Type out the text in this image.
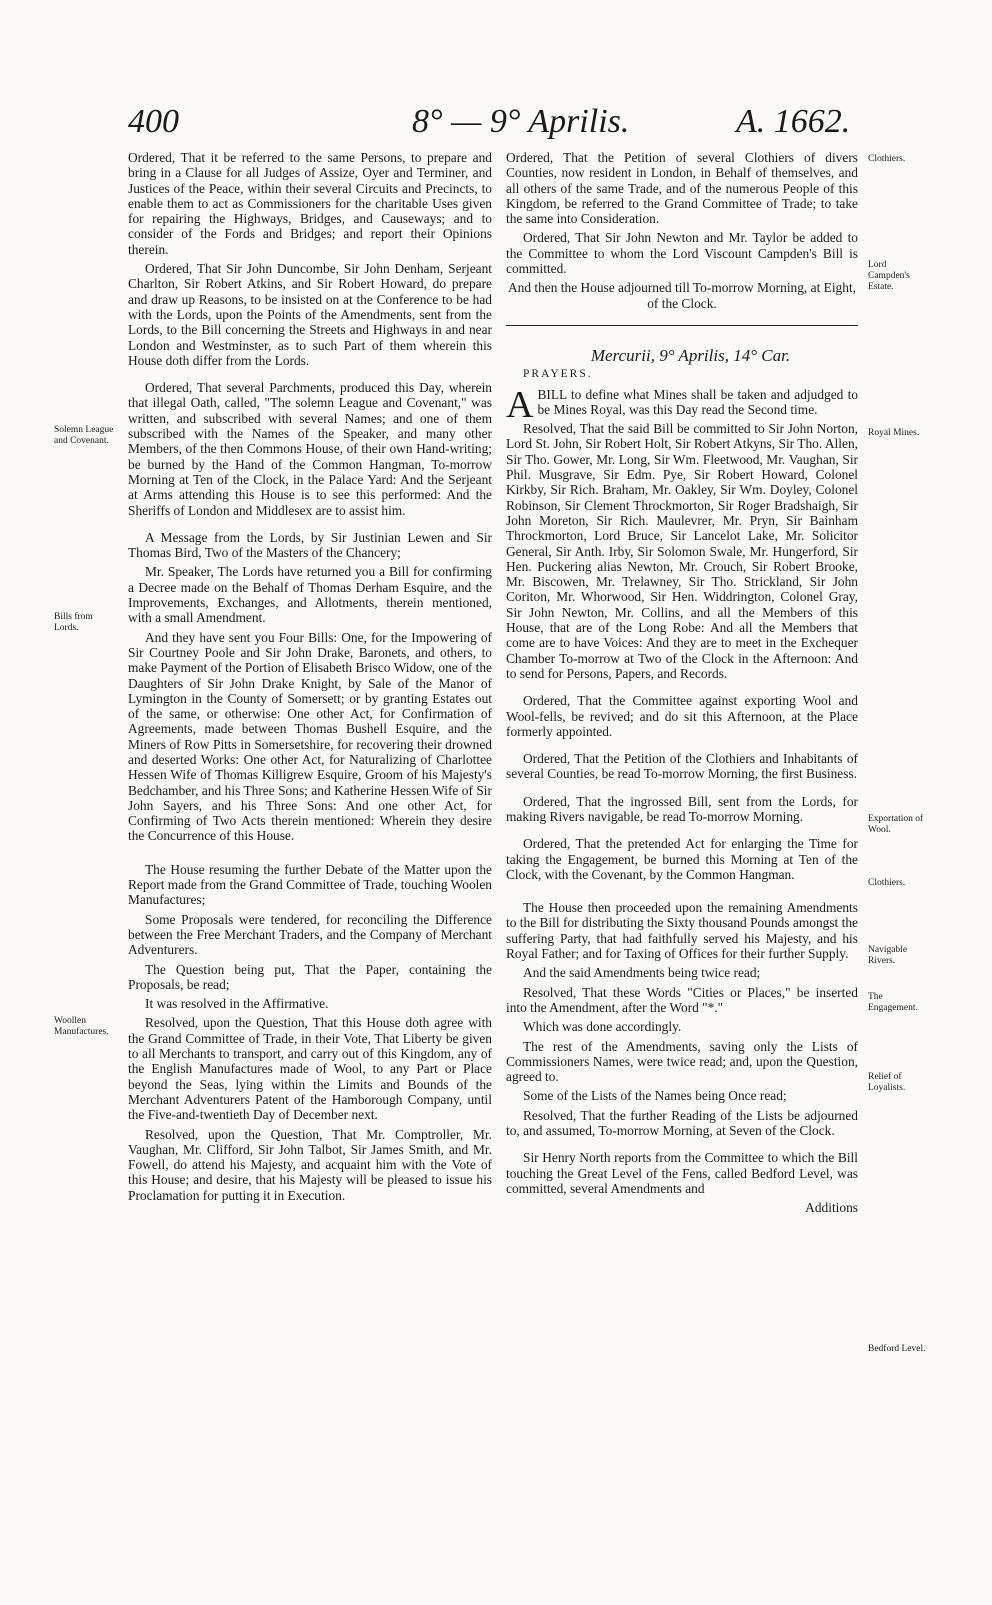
400	8° — 9° Aprilis.	A. 1662.

Ordered, That it be referred to the same Persons, to prepare and bring in a Clause for all Judges of Assize, Oyer and Terminer, and Justices of the Peace, within their several Circuits and Precincts, to enable them to act as Commissioners for the charitable Uses given for repairing the Highways, Bridges, and Causeways; and to consider of the Fords and Bridges; and report their Opinions therein.

Ordered, That Sir John Duncombe, Sir John Denham, Serjeant Charlton, Sir Robert Atkins, and Sir Robert Howard, do prepare and draw up Reasons, to be insisted on at the Conference to be had with the Lords, upon the Points of the Amendments, sent from the Lords, to the Bill concerning the Streets and Highways in and near London and Westminster, as to such Part of them wherein this House doth differ from the Lords.

Ordered, That several Parchments, produced this Day, wherein that illegal Oath, called, "The solemn League and Covenant," was written, and subscribed with several Names; and one of them subscribed with the Names of the Speaker, and many other Members, of the then Commons House, of their own Hand-writing; be burned by the Hand of the Common Hangman, To-morrow Morning at Ten of the Clock, in the Palace Yard: And the Serjeant at Arms attending this House is to see this performed: And the Sheriffs of London and Middlesex are to assist him.

A Message from the Lords, by Sir Justinian Lewen and Sir Thomas Bird, Two of the Masters of the Chancery;

Mr. Speaker, The Lords have returned you a Bill for confirming a Decree made on the Behalf of Thomas Derham Esquire, and the Improvements, Exchanges, and Allotments, therein mentioned, with a small Amendment.

And they have sent you Four Bills: One, for the Impowering of Sir Courtney Poole and Sir John Drake, Baronets, and others, to make Payment of the Portion of Elisabeth Brisco Widow, one of the Daughters of Sir John Drake Knight, by Sale of the Manor of Lymington in the County of Somersett; or by granting Estates out of the same, or otherwise: One other Act, for Confirmation of Agreements, made between Thomas Bushell Esquire, and the Miners of Row Pitts in Somersetshire, for recovering their drowned and deserted Works: One other Act, for Naturalizing of Charlottee Hessen Wife of Thomas Killigrew Esquire, Groom of his Majesty's Bedchamber, and his Three Sons; and Katherine Hessen Wife of Sir John Sayers, and his Three Sons: And one other Act, for Confirming of Two Acts therein mentioned: Wherein they desire the Concurrence of this House.

The House resuming the further Debate of the Matter upon the Report made from the Grand Committee of Trade, touching Woolen Manufactures;

Some Proposals were tendered, for reconciling the Difference between the Free Merchant Traders, and the Company of Merchant Adventurers.

The Question being put, That the Paper, containing the Proposals, be read;

It was resolved in the Affirmative.

Resolved, upon the Question, That this House doth agree with the Grand Committee of Trade, in their Vote, That Liberty be given to all Merchants to transport, and carry out of this Kingdom, any of the English Manufactures made of Wool, to any Part or Place beyond the Seas, lying within the Limits and Bounds of the Merchant Adventurers Patent of the Hamborough Company, until the Five-and-twentieth Day of December next.

Resolved, upon the Question, That Mr. Comptroller, Mr. Vaughan, Mr. Clifford, Sir John Talbot, Sir James Smith, and Mr. Fowell, do attend his Majesty, and acquaint him with the Vote of this House; and desire, that his Majesty will be pleased to issue his Proclamation for putting it in Execution.

Ordered, That the Petition of several Clothiers of divers Counties, now resident in London, in Behalf of themselves, and all others of the same Trade, and of the numerous People of this Kingdom, be referred to the Grand Committee of Trade; to take the same into Consideration.

Ordered, That Sir John Newton and Mr. Taylor be added to the Committee to whom the Lord Viscount Campden's Bill is committed.

And then the House adjourned till To-morrow Morning, at Eight, of the Clock.

Mercurii, 9° Aprilis, 14° Car.

PRAYERS.

ABILL to define what Mines shall be taken and adjudged to be Mines Royal, was this Day read the Second time.

Resolved, That the said Bill be committed to Sir John Norton, Lord St. John, Sir Robert Holt, Sir Robert Atkyns, Sir Tho. Allen, Sir Tho. Gower, Mr. Long, Sir Wm. Fleetwood, Mr. Vaughan, Sir Phil. Musgrave, Sir Edm. Pye, Sir Robert Howard, Colonel Kirkby, Sir Rich. Braham, Mr. Oakley, Sir Wm. Doyley, Colonel Robinson, Sir Clement Throckmorton, Sir Roger Bradshaigh, Sir John Moreton, Sir Rich. Maulevrer, Mr. Pryn, Sir Bainham Throckmorton, Lord Bruce, Sir Lancelot Lake, Mr. Solicitor General, Sir Anth. Irby, Sir Solomon Swale, Mr. Hungerford, Sir Hen. Puckering alias Newton, Mr. Crouch, Sir Robert Brooke, Mr. Biscowen, Mr. Trelawney, Sir Tho. Strickland, Sir John Coriton, Mr. Whorwood, Sir Hen. Widdrington, Colonel Gray, Sir John Newton, Mr. Collins, and all the Members of this House, that are of the Long Robe: And all the Members that come are to have Voices: And they are to meet in the Exchequer Chamber To-morrow at Two of the Clock in the Afternoon: And to send for Persons, Papers, and Records.

Ordered, That the Committee against exporting Wool and Wool-fells, be revived; and do sit this Afternoon, at the Place formerly appointed.

Ordered, That the Petition of the Clothiers and Inhabitants of several Counties, be read To-morrow Morning, the first Business.

Ordered, That the ingrossed Bill, sent from the Lords, for making Rivers navigable, be read To-morrow Morning.

Ordered, That the pretended Act for enlarging the Time for taking the Engagement, be burned this Morning at Ten of the Clock, with the Covenant, by the Common Hangman.

The House then proceeded upon the remaining Amendments to the Bill for distributing the Sixty thousand Pounds amongst the suffering Party, that had faithfully served his Majesty, and his Royal Father; and for Taxing of Offices for their further Supply.

And the said Amendments being twice read;

Resolved, That these Words "Cities or Places," be inserted into the Amendment, after the Word "*."

Which was done accordingly.

The rest of the Amendments, saving only the Lists of Commissioners Names, were twice read; and, upon the Question, agreed to.

Some of the Lists of the Names being Once read;

Resolved, That the further Reading of the Lists be adjourned to, and assumed, To-morrow Morning, at Seven of the Clock.

Sir Henry North reports from the Committee to which the Bill touching the Great Level of the Fens, called Bedford Level, was committed, several Amendments and

Additions

Solemn League and Covenant.
Bills from Lords.
Woollen Manufactures.
Clothiers.
Lord Campden's Estate.
Royal Mines.
Exportation of Wool.
Clothiers.
Navigable Rivers.
The Engagement.
Relief of Loyalists.
Bedford Level.
